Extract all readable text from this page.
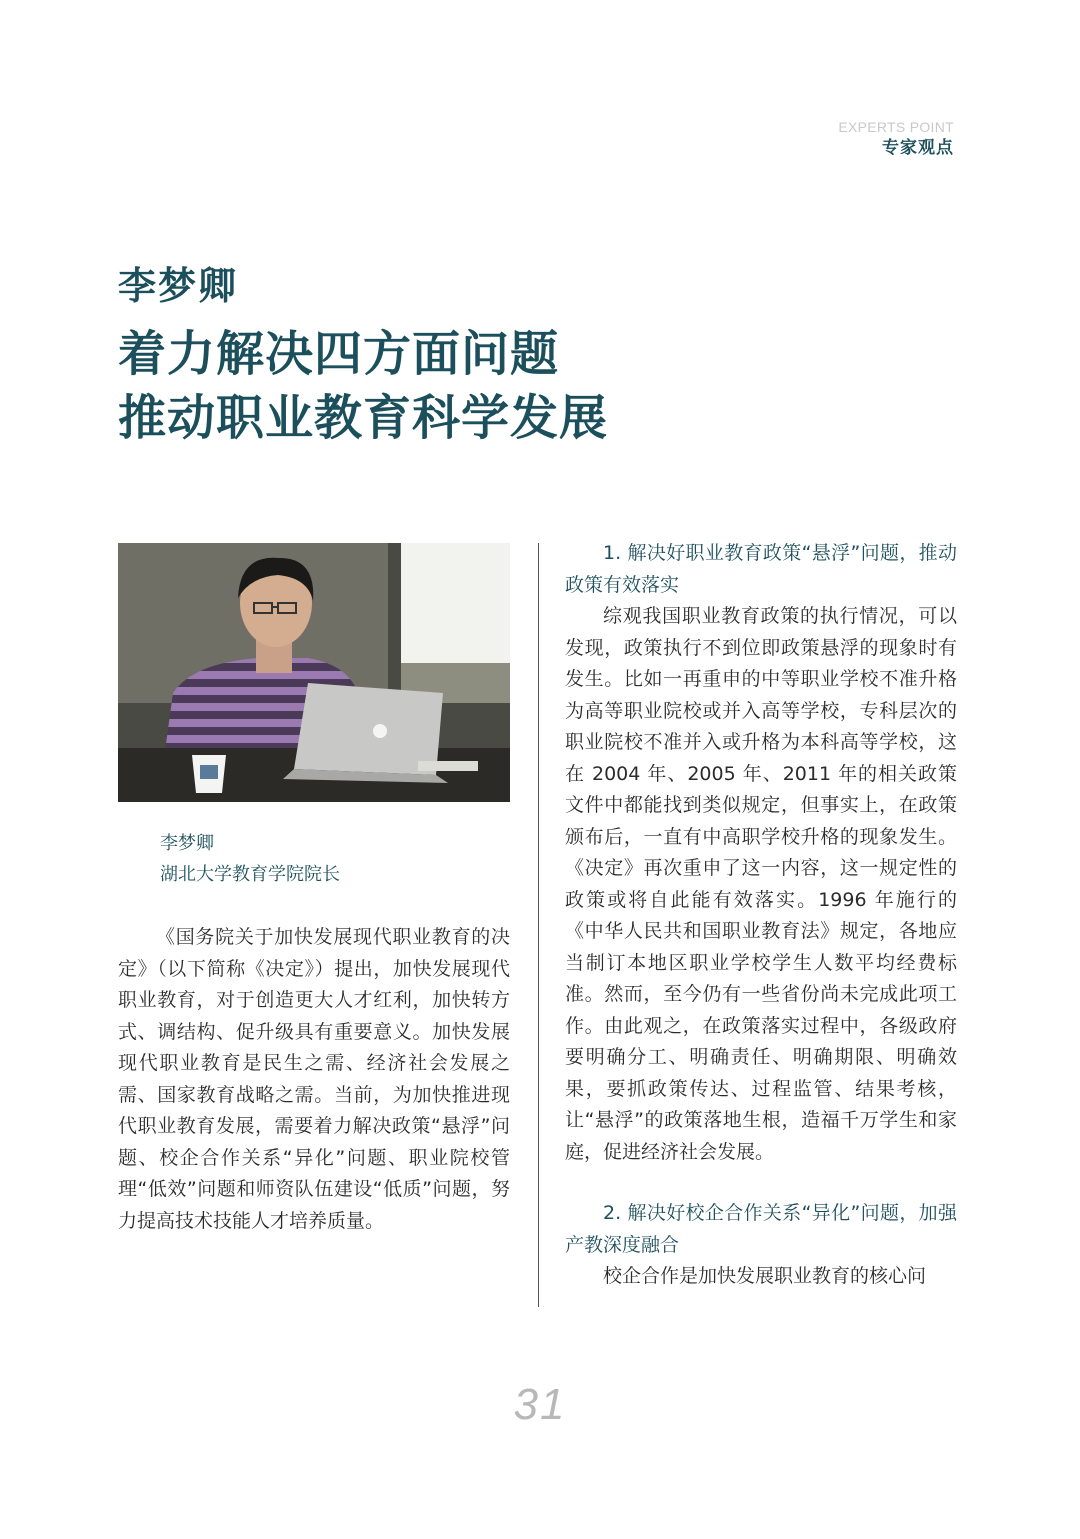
EXPERTS POINT
专家观点
李梦卿
着力解决四方面问题
推动职业教育科学发展
李梦卿
湖北大学教育学院院长

《国务院关于加快发展现代职业教育的决定》（以下简称《决定》）提出，加快发展现代职业教育，对于创造更大人才红利，加快转方式、调结构、促升级具有重要意义。加快发展现代职业教育是民生之需、经济社会发展之需、国家教育战略之需。当前，为加快推进现代职业教育发展，需要着力解决政策“悬浮”问题、校企合作关系“异化”问题、职业院校管理“低效”问题和师资队伍建设“低质”问题，努力提高技术技能人才培养质量。

1. 解决好职业教育政策“悬浮”问题，推动政策有效落实

综观我国职业教育政策的执行情况，可以发现，政策执行不到位即政策悬浮的现象时有发生。比如一再重申的中等职业学校不准升格为高等职业院校或并入高等学校，专科层次的职业院校不准并入或升格为本科高等学校，这在 2004 年、2005 年、2011 年的相关政策文件中都能找到类似规定，但事实上，在政策颁布后，一直有中高职学校升格的现象发生。《决定》再次重申了这一内容，这一规定性的政策或将自此能有效落实。1996 年施行的《中华人民共和国职业教育法》规定，各地应当制订本地区职业学校学生人数平均经费标准。然而，至今仍有一些省份尚未完成此项工作。由此观之，在政策落实过程中，各级政府要明确分工、明确责任、明确期限、明确效果，要抓政策传达、过程监管、结果考核，让“悬浮”的政策落地生根，造福千万学生和家庭，促进经济社会发展。

2. 解决好校企合作关系“异化”问题，加强产教深度融合

校企合作是加快发展职业教育的核心问

31
